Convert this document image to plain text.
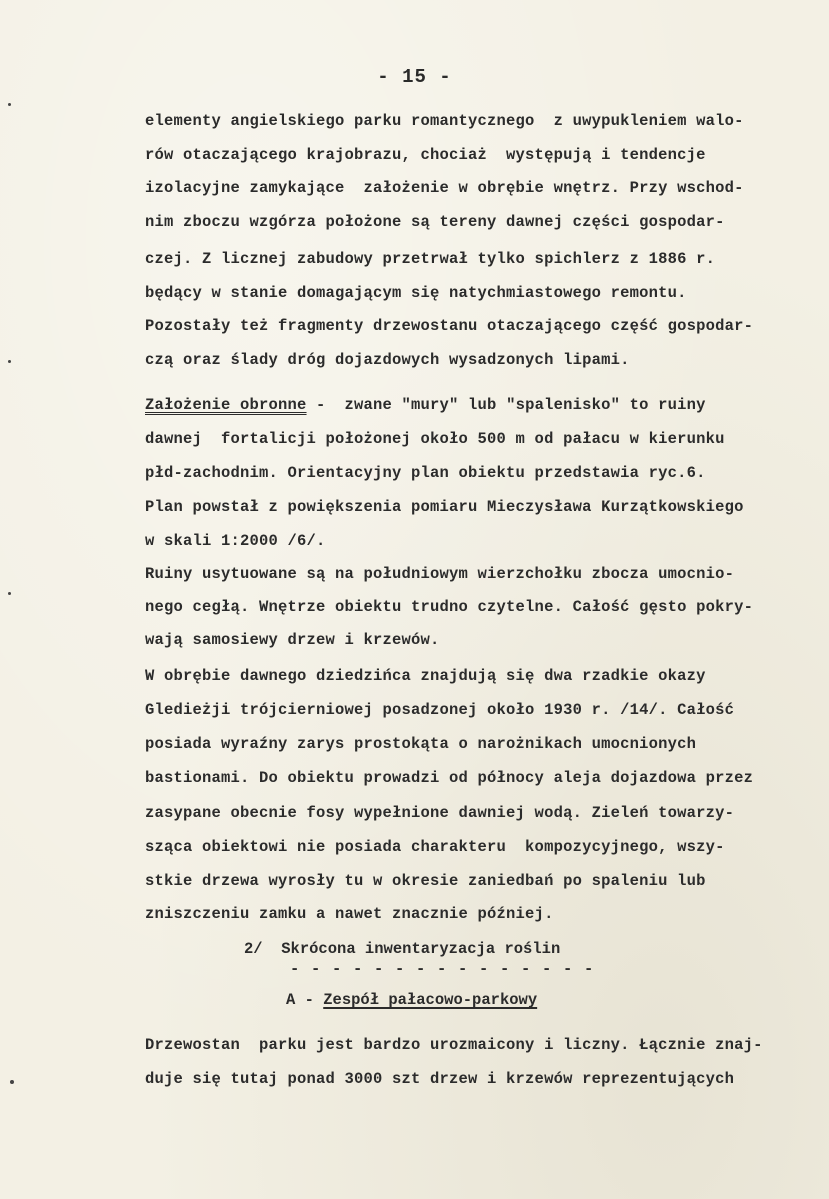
- 15 -
elementy angielskiego parku romantycznego  z uwypukleniem walo-
rów otaczającego krajobrazu, chociaż  występują i tendencje
izolacyjne zamykające  założenie w obrębie wnętrz. Przy wschod-
nim zboczu wzgórza położone są tereny dawnej części gospodar-
czej. Z licznej zabudowy przetrwał tylko spichlerz z 1886 r.
będący w stanie domagającym się natychmiastowego remontu.
Pozostały też fragmenty drzewostanu otaczającego część gospodar-
czą oraz ślady dróg dojazdowych wysadzonych lipami.
Założenie obronne -  zwane "mury" lub "spalenisko" to ruiny
dawnej  fortalicji położonej około 500 m od pałacu w kierunku
płd-zachodnim. Orientacyjny plan obiektu przedstawia ryc.6.
Plan powstał z powiększenia pomiaru Mieczysława Kurzątkowskiego
w skali 1:2000 /6/.
Ruiny usytuowane są na południowym wierzchołku zbocza umocnio-
nego cegłą. Wnętrze obiektu trudno czytelne. Całość gęsto pokry-
wają samosiewy drzew i krzewów.
W obrębie dawnego dziedzińca znajdują się dwa rzadkie okazy
Gledieżji trójcierniowej posadzonej około 1930 r. /14/. Całość
posiada wyraźny zarys prostokąta o narożnikach umocnionych
bastionami. Do obiektu prowadzi od północy aleja dojazdowa przez
zasypane obecnie fosy wypełnione dawniej wodą. Zieleń towarzy-
sząca obiektowi nie posiada charakteru  kompozycyjnego, wszy-
stkie drzewa wyrosły tu w okresie zaniedbań po spaleniu lub
zniszczeniu zamku a nawet znacznie później.
2/ Skrócona inwentaryzacja roślin
- - - - - - - - - - - - - - -
A - Zespół pałacowo-parkowy
Drzewostan  parku jest bardzo urozmaicony i liczny. Łącznie znaj-
duje się tutaj ponad 3000 szt drzew i krzewów reprezentujących
